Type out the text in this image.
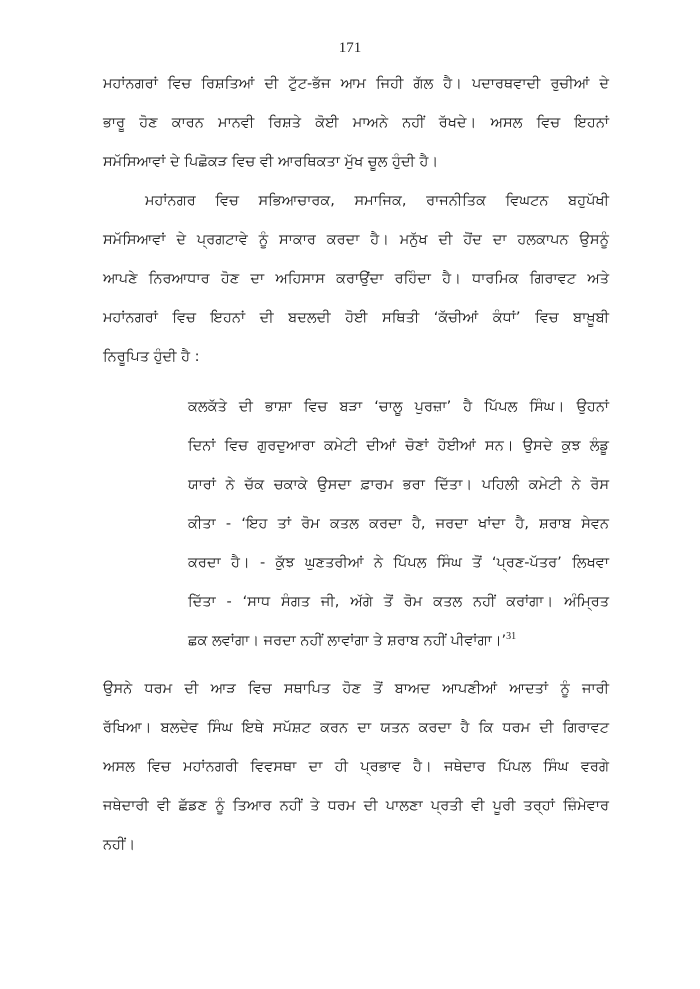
171
ਮਹਾਂਨਗਰਾਂ ਵਿਚ ਰਿਸ਼ਤਿਆਂ ਦੀ ਟੁੱਟ-ਭੱਜ ਆਮ ਜਿਹੀ ਗੱਲ ਹੈ। ਪਦਾਰਥਵਾਦੀ ਰੁਚੀਆਂ ਦੇ
ਭਾਰੂ ਹੋਣ ਕਾਰਨ ਮਾਨਵੀ ਰਿਸ਼ਤੇ ਕੋਈ ਮਾਅਨੇ ਨਹੀਂ ਰੱਖਦੇ। ਅਸਲ ਵਿਚ ਇਹਨਾਂ
ਸਮੱਸਿਆਵਾਂ ਦੇ ਪਿਛੋਕੜ ਵਿਚ ਵੀ ਆਰਥਿਕਤਾ ਮੁੱਖ ਚੂਲ ਹੁੰਦੀ ਹੈ।
ਮਹਾਂਨਗਰ ਵਿਚ ਸਭਿਆਚਾਰਕ, ਸਮਾਜਿਕ, ਰਾਜਨੀਤਿਕ ਵਿਘਟਨ ਬਹੁਪੱਖੀ
ਸਮੱਸਿਆਵਾਂ ਦੇ ਪ੍ਰਗਟਾਵੇ ਨੂੰ ਸਾਕਾਰ ਕਰਦਾ ਹੈ। ਮਨੁੱਖ ਦੀ ਹੋਂਦ ਦਾ ਹਲਕਾਪਨ ਉਸਨੂੰ
ਆਪਣੇ ਨਿਰਆਧਾਰ ਹੋਣ ਦਾ ਅਹਿਸਾਸ ਕਰਾਉਂਦਾ ਰਹਿੰਦਾ ਹੈ। ਧਾਰਮਿਕ ਗਿਰਾਵਟ ਅਤੇ
ਮਹਾਂਨਗਰਾਂ ਵਿਚ ਇਹਨਾਂ ਦੀ ਬਦਲਦੀ ਹੋਈ ਸਥਿਤੀ ‘ਕੱਚੀਆਂ ਕੰਧਾਂ’ ਵਿਚ ਬਾਖ਼ੂਬੀ
ਨਿਰੂਪਿਤ ਹੁੰਦੀ ਹੈ :
ਕਲਕੱਤੇ ਦੀ ਭਾਸ਼ਾ ਵਿਚ ਬੜਾ ‘ਚਾਲੂ ਪੁਰਜ਼ਾ’ ਹੈ ਪਿੱਪਲ ਸਿੰਘ। ਉਹਨਾਂ
ਦਿਨਾਂ ਵਿਚ ਗੁਰਦੁਆਰਾ ਕਮੇਟੀ ਦੀਆਂ ਚੋਣਾਂ ਹੋਈਆਂ ਸਨ। ਉਸਦੇ ਕੁਝ ਲੰਡੂ
ਯਾਰਾਂ ਨੇ ਚੱਕ ਚਕਾਕੇ ਉਸਦਾ ਫ਼ਾਰਮ ਭਰਾ ਦਿੱਤਾ। ਪਹਿਲੀ ਕਮੇਟੀ ਨੇ ਰੋਸ
ਕੀਤਾ - ‘ਇਹ ਤਾਂ ਰੋਮ ਕਤਲ ਕਰਦਾ ਹੈ, ਜਰਦਾ ਖਾਂਦਾ ਹੈ, ਸ਼ਰਾਬ ਸੇਵਨ
ਕਰਦਾ ਹੈ। - ਕੁੱਝ ਘੁਣਤਰੀਆਂ ਨੇ ਪਿੱਪਲ ਸਿੰਘ ਤੋਂ ‘ਪ੍ਰਣ-ਪੱਤਰ’ ਲਿਖਵਾ
ਦਿੱਤਾ - ‘ਸਾਧ ਸੰਗਤ ਜੀ, ਅੱਗੇ ਤੋਂ ਰੋਮ ਕਤਲ ਨਹੀਂ ਕਰਾਂਗਾ। ਅੰਮ੍ਰਿਤ
ਛਕ ਲਵਾਂਗਾ। ਜਰਦਾ ਨਹੀਂ ਲਾਵਾਂਗਾ ਤੇ ਸ਼ਰਾਬ ਨਹੀਂ ਪੀਵਾਂਗਾ।’$^{31}$
ਉਸਨੇ ਧਰਮ ਦੀ ਆੜ ਵਿਚ ਸਥਾਪਿਤ ਹੋਣ ਤੋਂ ਬਾਅਦ ਆਪਣੀਆਂ ਆਦਤਾਂ ਨੂੰ ਜਾਰੀ
ਰੱਖਿਆ। ਬਲਦੇਵ ਸਿੰਘ ਇਥੇ ਸਪੱਸ਼ਟ ਕਰਨ ਦਾ ਯਤਨ ਕਰਦਾ ਹੈ ਕਿ ਧਰਮ ਦੀ ਗਿਰਾਵਟ
ਅਸਲ ਵਿਚ ਮਹਾਂਨਗਰੀ ਵਿਵਸਥਾ ਦਾ ਹੀ ਪ੍ਰਭਾਵ ਹੈ। ਜਥੇਦਾਰ ਪਿੱਪਲ ਸਿੰਘ ਵਰਗੇ
ਜਥੇਦਾਰੀ ਵੀ ਛੱਡਣ ਨੂੰ ਤਿਆਰ ਨਹੀਂ ਤੇ ਧਰਮ ਦੀ ਪਾਲਣਾ ਪ੍ਰਤੀ ਵੀ ਪੂਰੀ ਤਰ੍ਹਾਂ ਜ਼ਿੰਮੇਵਾਰ
ਨਹੀਂ।
